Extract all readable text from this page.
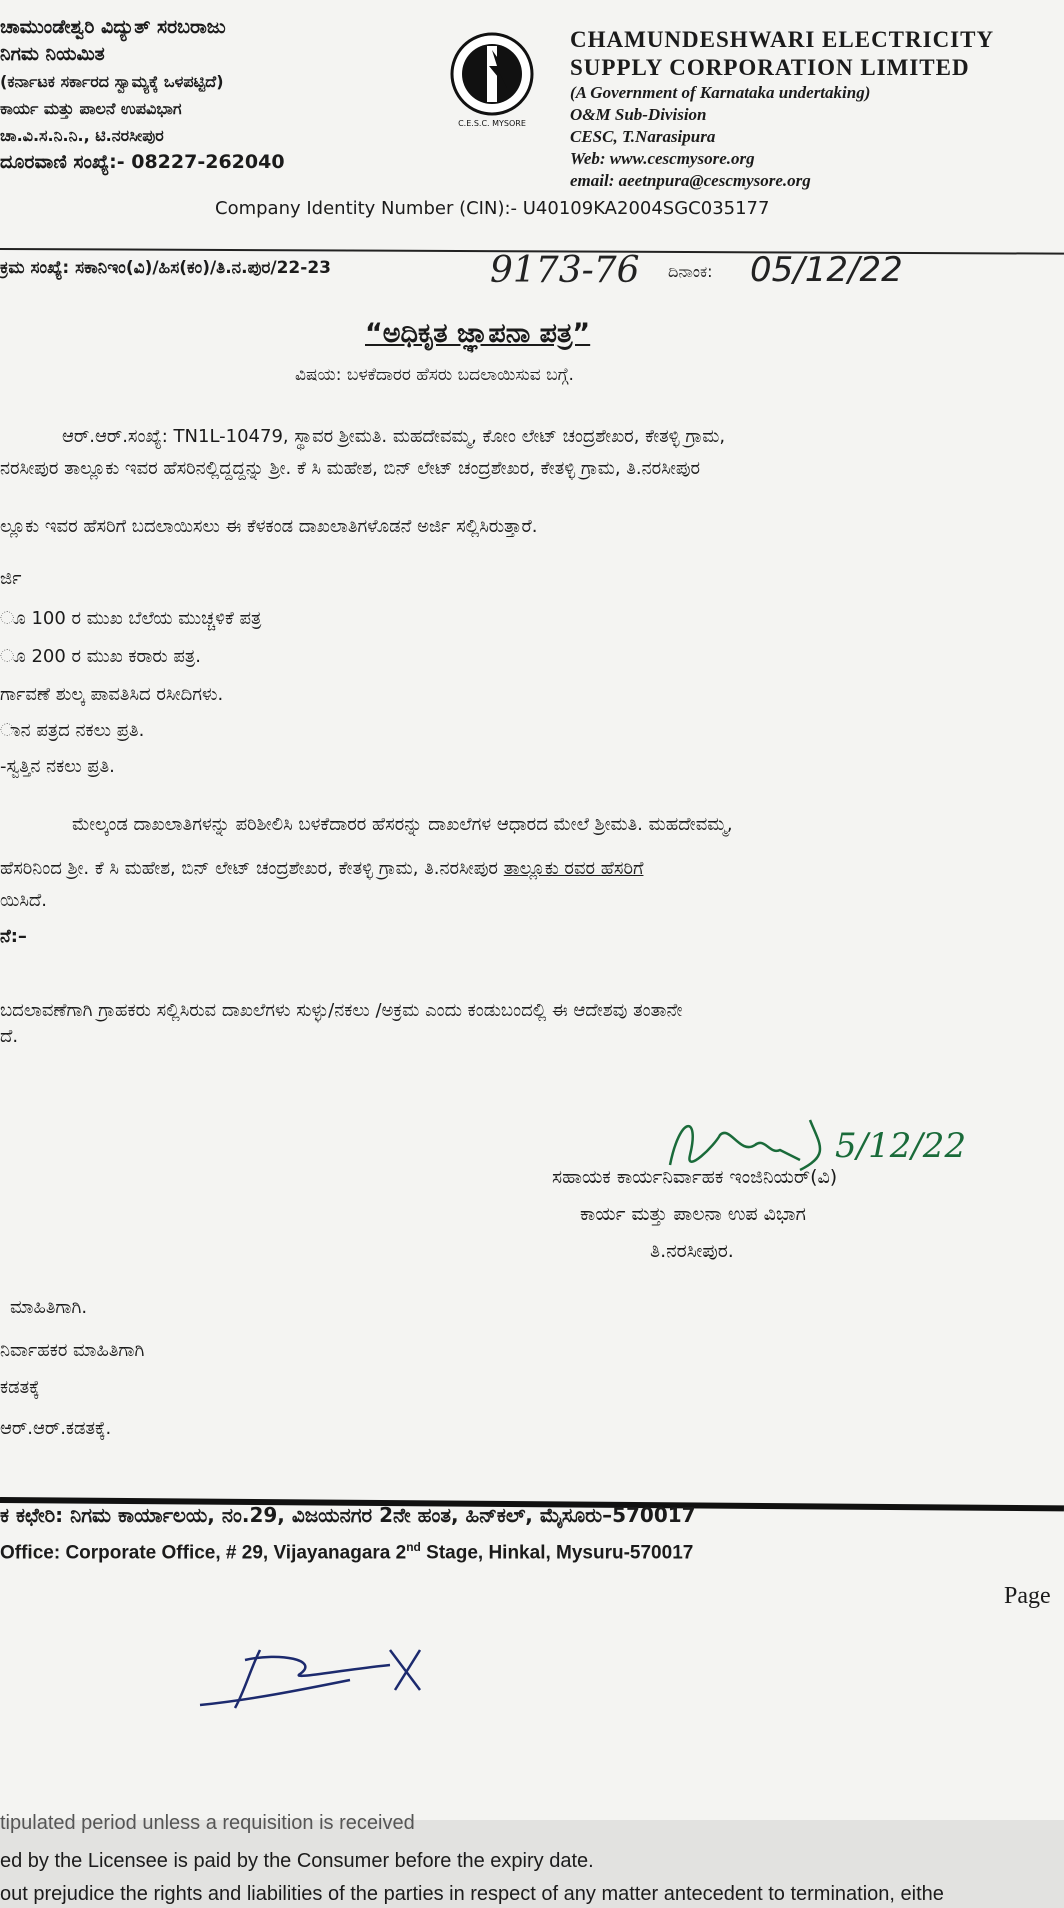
ಚಾಮುಂಡೇಶ್ವರಿ ವಿದ್ಯುತ್ ಸರಬರಾಜು
ನಿಗಮ ನಿಯಮಿತ
(ಕರ್ನಾಟಕ ಸರ್ಕಾರದ ಸ್ವಾಮ್ಯಕ್ಕೆ ಒಳಪಟ್ಟಿದೆ)
ಕಾರ್ಯ ಮತ್ತು ಪಾಲನೆ ಉಪವಿಭಾಗ
ಚಾ.ವಿ.ಸ.ನಿ.ನಿ., ಟಿ.ನರಸೀಪುರ
ದೂರವಾಣಿ ಸಂಖ್ಯೆ:- 08227-262040
C.E.S.C. MYSORE
CHAMUNDESHWARI ELECTRICITY
SUPPLY CORPORATION LIMITED
(A Government of Karnataka undertaking)
O&M Sub-Division
CESC, T.Narasipura
Web: www.cescmysore.org
email: aeetnpura@cescmysore.org
Company Identity Number (CIN):- U40109KA2004SGC035177
ಕ್ರಮ ಸಂಖ್ಯೆ: ಸಕಾನಿಇಂ(ವಿ)/ಹಿಸ(ಕಂ)/ತಿ.ನ.ಪುರ/22-23	9173-76 ದಿನಾಂಕ: 05/12/22
“ಅಧಿಕೃತ ಜ್ಞಾಪನಾ ಪತ್ರ”
ವಿಷಯ: ಬಳಕೆದಾರರ ಹೆಸರು ಬದಲಾಯಿಸುವ ಬಗ್ಗೆ.
ಆರ್.ಆರ್.ಸಂಖ್ಯೆ: TN1L-10479, ಸ್ಥಾವರ ಶ್ರೀಮತಿ. ಮಹದೇವಮ್ಮ, ಕೋಂ ಲೇಟ್ ಚಂದ್ರಶೇಖರ, ಕೇತಳ್ಳಿ ಗ್ರಾಮ,
ನರಸೀಪುರ ತಾಲ್ಲೂಕು ಇವರ ಹೆಸರಿನಲ್ಲಿದ್ದದ್ದನ್ನು ಶ್ರೀ. ಕೆ ಸಿ ಮಹೇಶ, ಬಿನ್ ಲೇಟ್ ಚಂದ್ರಶೇಖರ, ಕೇತಳ್ಳಿ ಗ್ರಾಮ, ತಿ.ನರಸೀಪುರ
ಲ್ಲೂಕು ಇವರ ಹೆಸರಿಗೆ ಬದಲಾಯಿಸಲು ಈ ಕೆಳಕಂಡ ದಾಖಲಾತಿಗಳೊಡನೆ ಅರ್ಜಿ ಸಲ್ಲಿಸಿರುತ್ತಾರೆ.
ರ್ಜಿ
ೂ 100 ರ ಮುಖ ಬೆಲೆಯ ಮುಚ್ಚಳಿಕೆ ಪತ್ರ
ೂ 200 ರ ಮುಖ ಕರಾರು ಪತ್ರ.
ರ್ಗಾವಣೆ ಶುಲ್ಕ ಪಾವತಿಸಿದ ರಸೀದಿಗಳು.
ಾನ ಪತ್ರದ ನಕಲು ಪ್ರತಿ.
-ಸ್ವತ್ತಿನ ನಕಲು ಪ್ರತಿ.
ಮೇಲ್ಕಂಡ ದಾಖಲಾತಿಗಳನ್ನು ಪರಿಶೀಲಿಸಿ ಬಳಕೆದಾರರ ಹೆಸರನ್ನು ದಾಖಲೆಗಳ ಆಧಾರದ ಮೇಲೆ ಶ್ರೀಮತಿ. ಮಹದೇವಮ್ಮ,
ಹೆಸರಿನಿಂದ ಶ್ರೀ. ಕೆ ಸಿ ಮಹೇಶ, ಬಿನ್ ಲೇಟ್ ಚಂದ್ರಶೇಖರ, ಕೇತಳ್ಳಿ ಗ್ರಾಮ, ತಿ.ನರಸೀಪುರ ತಾಲ್ಲೂಕು ರವರ ಹೆಸರಿಗೆ
ಯಿಸಿದೆ.
ನೆ:–
ಬದಲಾವಣೆಗಾಗಿ ಗ್ರಾಹಕರು ಸಲ್ಲಿಸಿರುವ ದಾಖಲೆಗಳು ಸುಳ್ಳು/ನಕಲು /ಅಕ್ರಮ ಎಂದು ಕಂಡುಬಂದಲ್ಲಿ ಈ ಆದೇಶವು ತಂತಾನೇ
ದೆ.
5/12/22
ಸಹಾಯಕ ಕಾರ್ಯನಿರ್ವಾಹಕ ಇಂಜಿನಿಯರ್(ವಿ)
ಕಾರ್ಯ ಮತ್ತು ಪಾಲನಾ ಉಪ ವಿಭಾಗ
ತಿ.ನರಸೀಪುರ.
ಮಾಹಿತಿಗಾಗಿ.
ನಿರ್ವಾಹಕರ ಮಾಹಿತಿಗಾಗಿ
ಕಡತಕ್ಕೆ
ಆರ್.ಆರ್.ಕಡತಕ್ಕೆ.
ಕ ಕಛೇರಿ: ನಿಗಮ ಕಾರ್ಯಾಲಯ, ನಂ.29, ವಿಜಯನಗರ 2ನೇ ಹಂತ, ಹಿನ್‌ಕಲ್, ಮೈಸೂರು–570017
Office: Corporate Office, # 29, Vijayanagara 2nd Stage, Hinkal, Mysuru-570017
Page
tipulated period unless a requisition is received
ed by the Licensee is paid by the Consumer before the expiry date.
out prejudice the rights and liabilities of the parties in respect of any matter antecedent to termination, eithe
